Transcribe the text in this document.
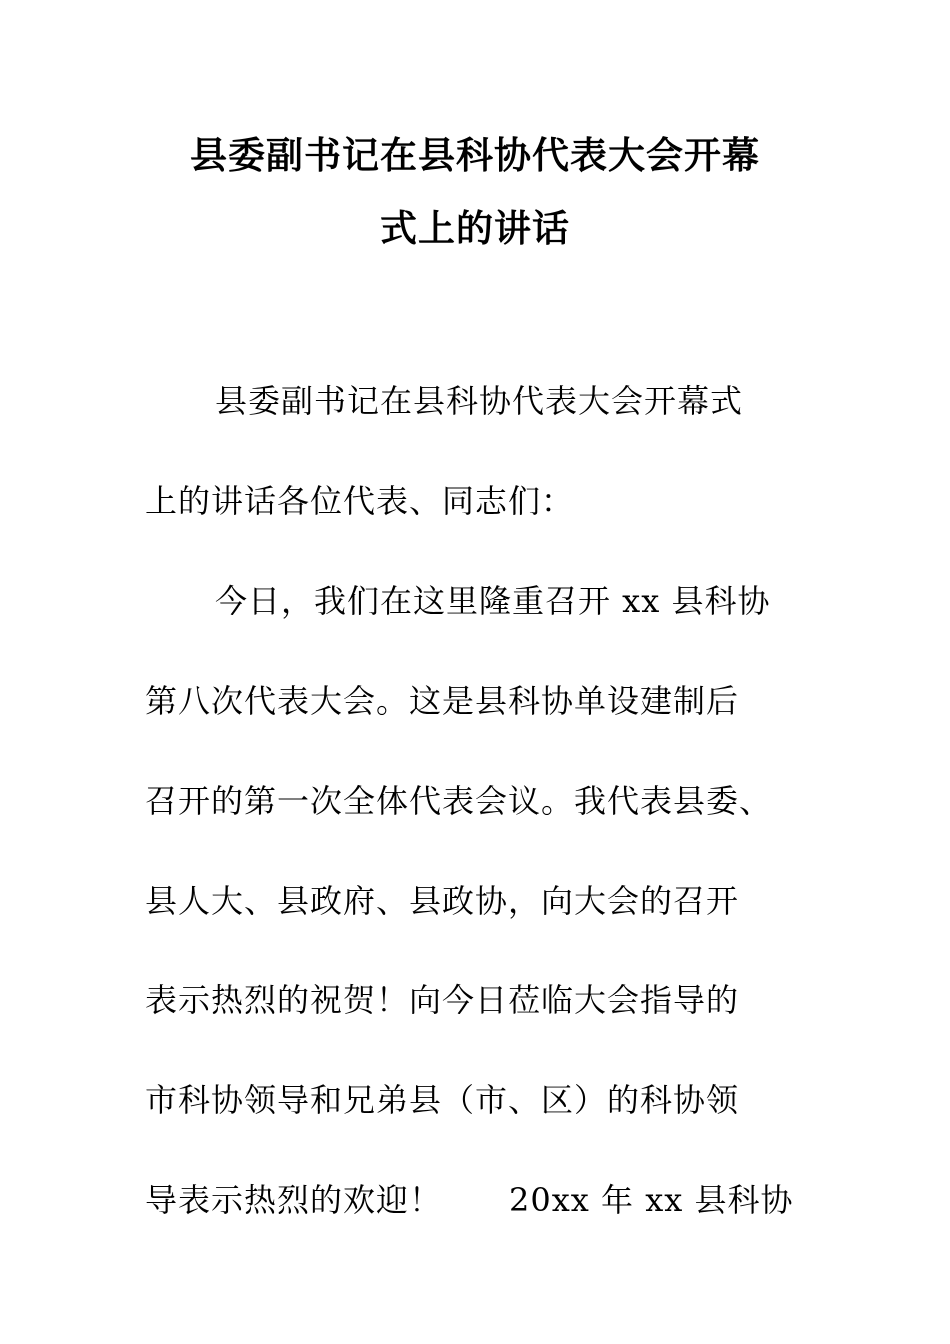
县委副书记在县科协代表大会开幕
式上的讲话
县委副书记在县科协代表大会开幕式
上的讲话各位代表、同志们：
今日，我们在这里隆重召开 xx 县科协
第八次代表大会。这是县科协单设建制后
召开的第一次全体代表会议。我代表县委、
县人大、县政府、县政协，向大会的召开
表示热烈的祝贺！向今日莅临大会指导的
市科协领导和兄弟县（市、区）的科协领
导表示热烈的欢迎！      20xx 年 xx 县科协
